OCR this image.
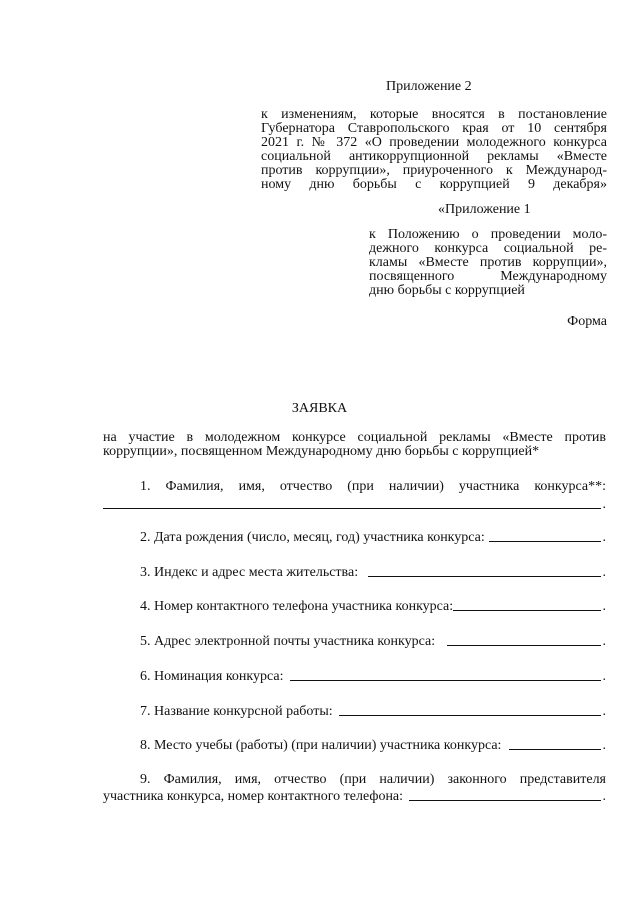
Приложение 2
к изменениям, которые вносятся в постановление
Губернатора Ставропольского края от 10 сентября
2021 г. № 372 «О проведении молодежного конкурса
социальной антикоррупционной рекламы «Вместе
против коррупции», приуроченного к Международ-
ному дню борьбы с коррупцией 9 декабря»
«Приложение 1
к Положению о проведении моло-
дежного конкурса социальной ре-
кламы «Вместе против коррупции»,
посвященного Международному
дню борьбы с коррупцией
Форма
ЗАЯВКА
на участие в молодежном конкурсе социальной рекламы «Вместе против
коррупции», посвященном Международному дню борьбы с коррупцией*
1. Фамилия, имя, отчество (при наличии) участника конкурса**:
.
2. Дата рождения (число, месяц, год) участника конкурса:	.
3. Индекс и адрес места жительства:	.
4. Номер контактного телефона участника конкурса:	.
5. Адрес электронной почты участника конкурса:	.
6. Номинация конкурса:	.
7. Название конкурсной работы:	.
8. Место учебы (работы) (при наличии) участника конкурса:	.
9. Фамилия, имя, отчество (при наличии) законного представителя
участника конкурса, номер контактного телефона:	.
